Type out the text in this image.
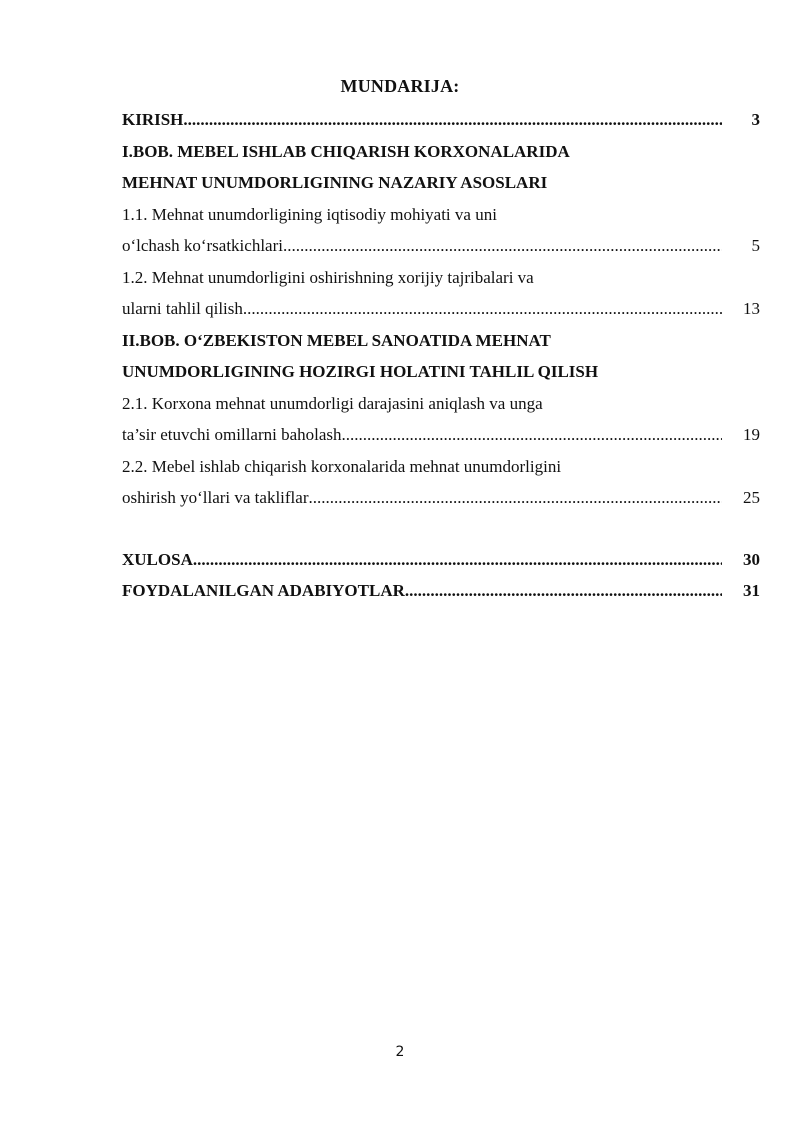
MUNDARIJA:
KIRISH .....	3
I.BOB. MEBEL ISHLAB CHIQARISH KORXONALARIDA
MEHNAT UNUMDORLIGINING NAZARIY ASOSLARI
1.1. Mehnat unumdorligining iqtisodiy mohiyati va uni
o‘lchash ko‘rsatkichlari .....	5
1.2. Mehnat unumdorligini oshirishning xorijiy tajribalari va
ularni tahlil qilish .....	13
II.BOB. O‘ZBEKISTON MEBEL SANOATIDA MEHNAT
UNUMDORLIGINING HOZIRGI HOLATINI TAHLIL QILISH
2.1. Korxona mehnat unumdorligi darajasini aniqlash va unga
ta’sir etuvchi omillarni baholash .....	19
2.2. Mebel ishlab chiqarish korxonalarida mehnat unumdorligini
oshirish yo‘llari va takliflar .....	25
XULOSA .....	30
FOYDALANILGAN ADABIYOTLAR .....	31
2
